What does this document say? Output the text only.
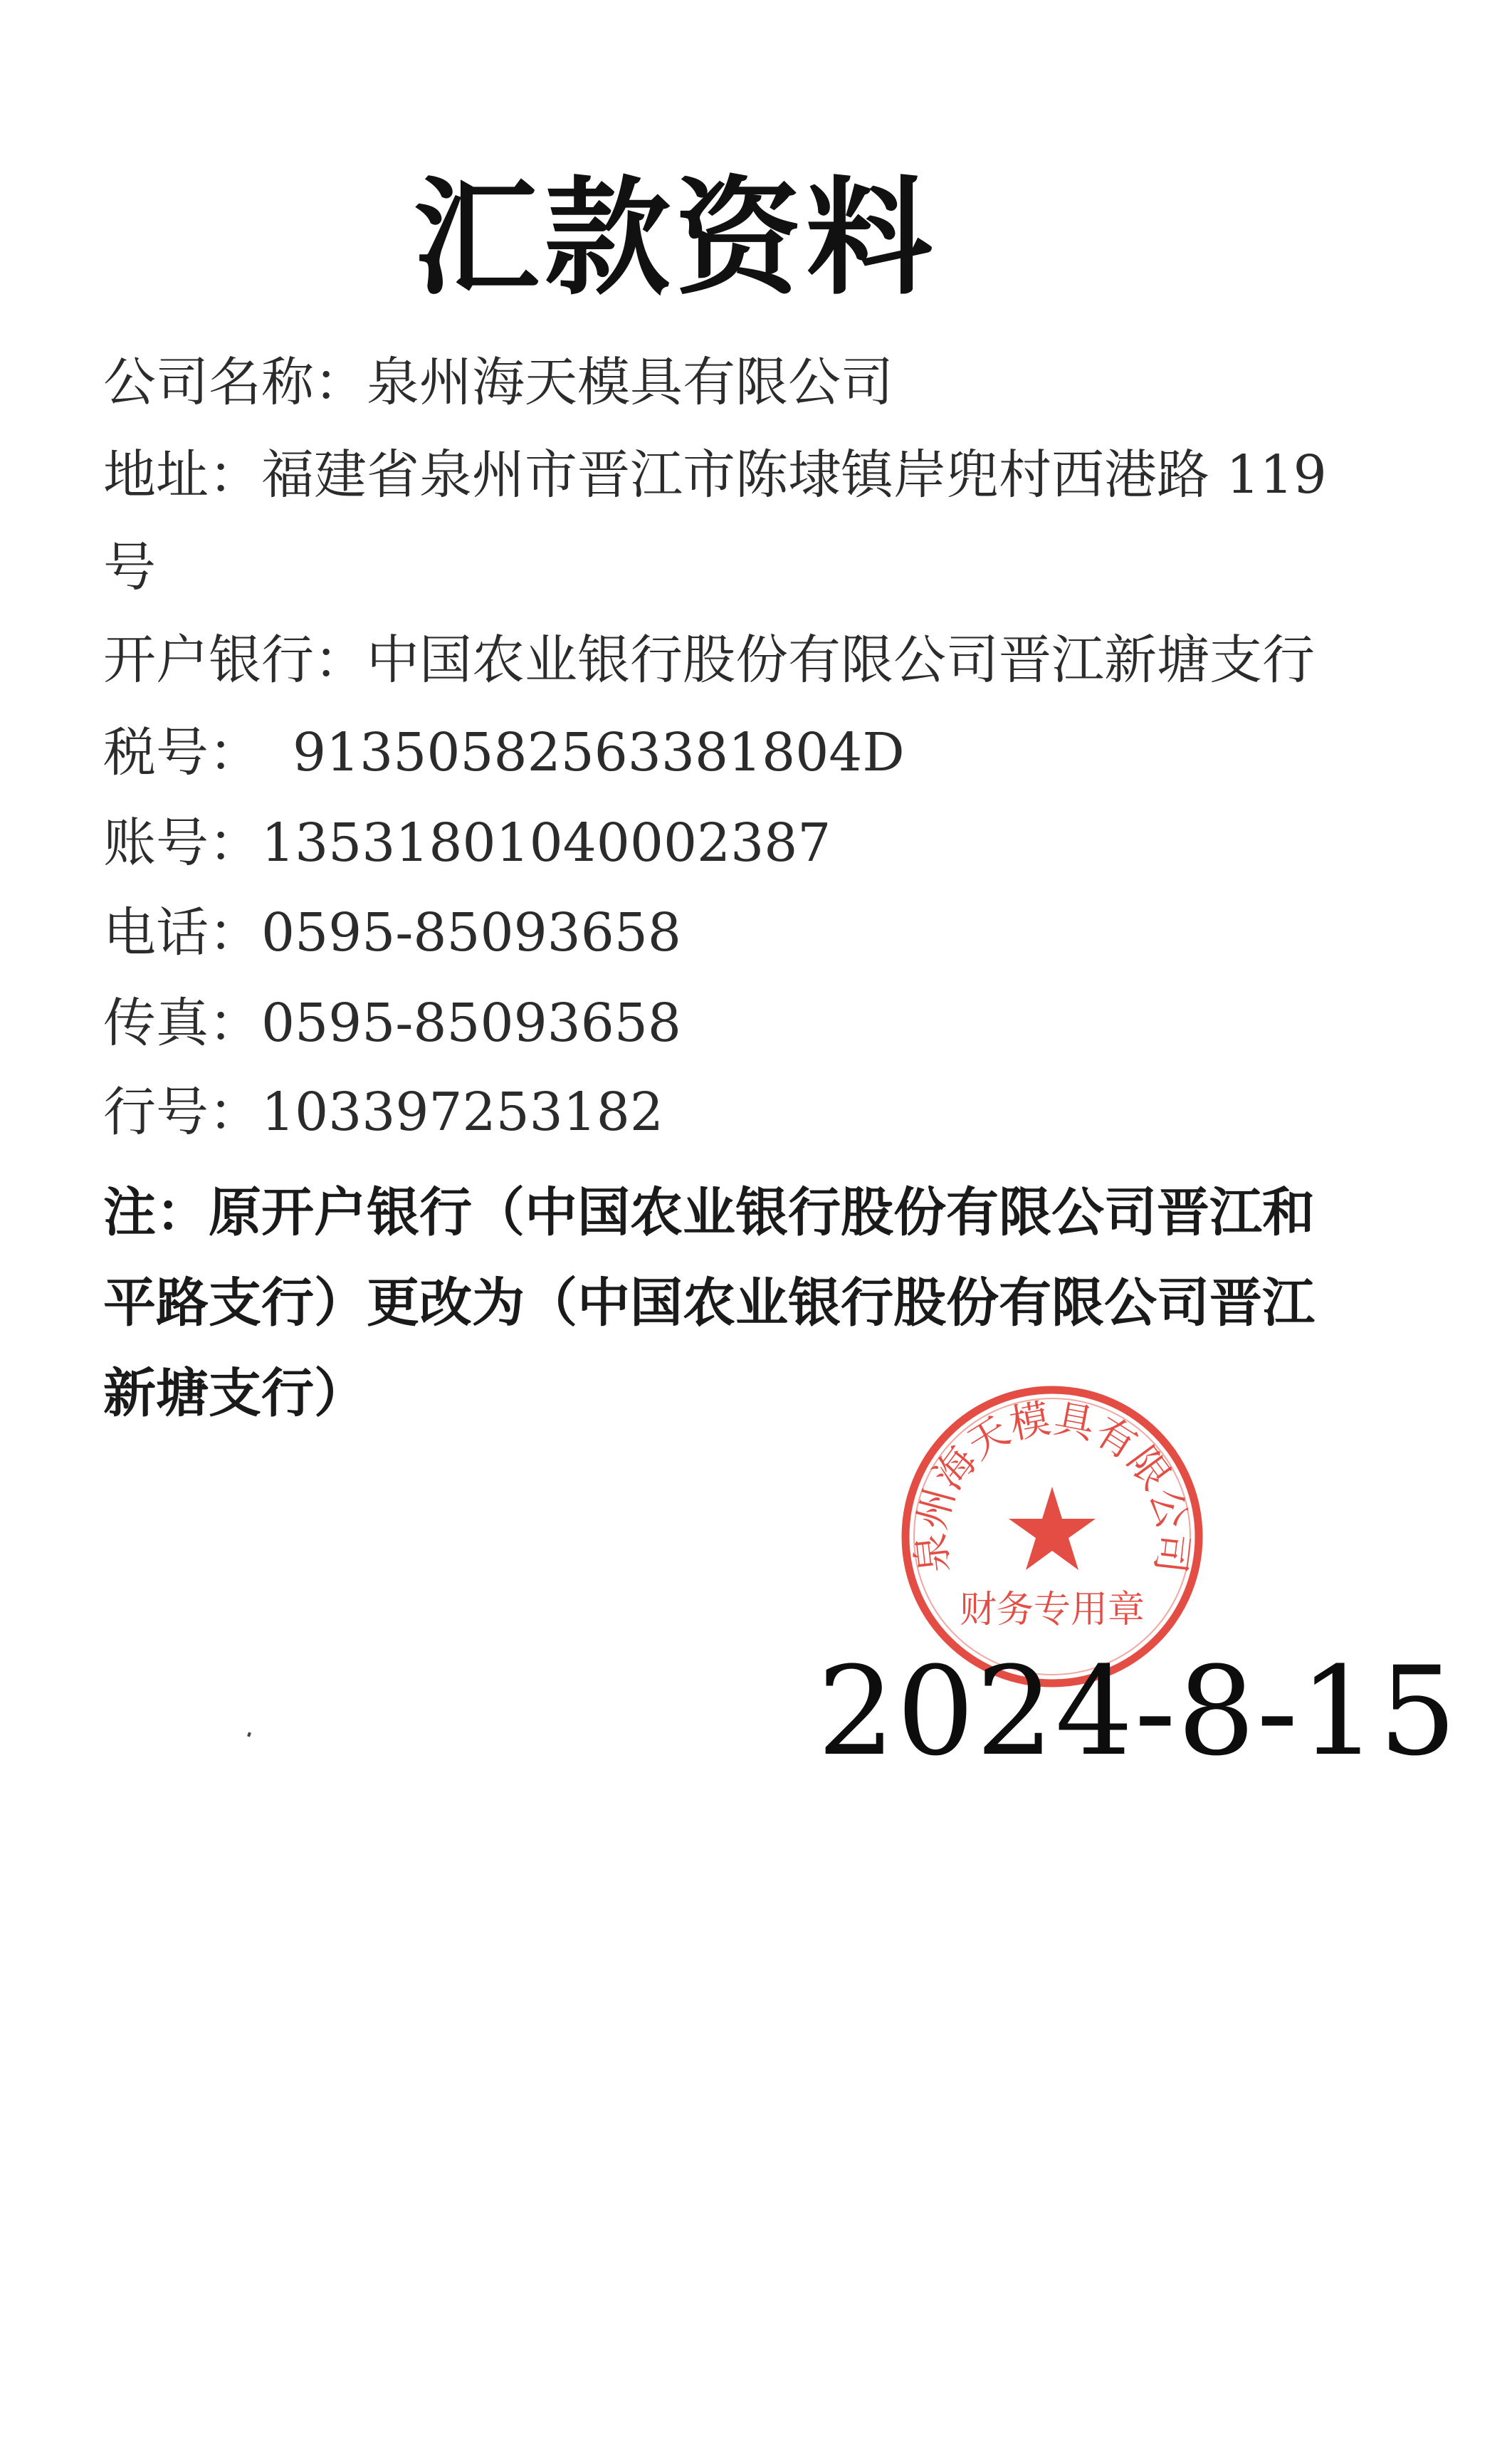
汇款资料
公司名称：泉州海天模具有限公司
地址：福建省泉州市晋江市陈埭镇岸兜村西港路 119
号
开户银行：中国农业银行股份有限公司晋江新塘支行
税号： 91350582563381804D
账号：13531801040002387
电话：0595-85093658
传真：0595-85093658
行号：103397253182

注：原开户银行（中国农业银行股份有限公司晋江和

平路支行）更改为（中国农业银行股份有限公司晋江

新塘支行）

泉州海天模具有限公司
财务专用章
2024-8-15
